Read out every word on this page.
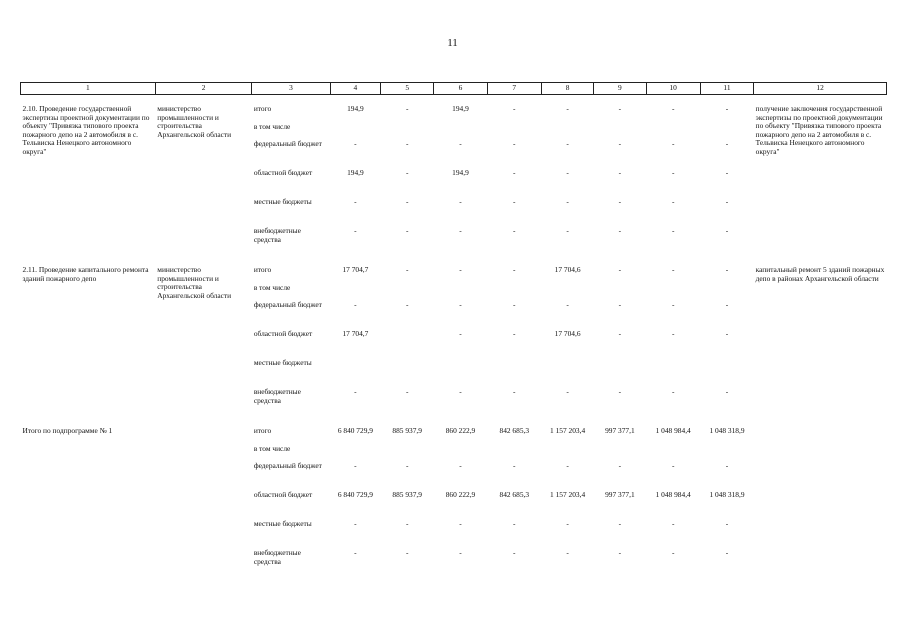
11
1	2	3	4	5	6	7	8	9	10	11	12

2.10. Проведение государственной экспертизы проектной документации по объекту "Привязка типового проекта пожарного депо на 2 автомобиля в с. Тельвиска Ненецкого автономного округа"	министерство промышленности и строительства Архангельской области	итого	194,9	-	194,9	-	-	-	-	-	получение заключения государственной экспертизы по проектной документации по объекту "Привязка типового проекта пожарного депо на 2 автомобиля в с. Тельвиска Ненецкого автономного округа"
		в том числе									
		федеральный бюджет	-	-	-	-	-	-	-	-	
		областной бюджет	194,9	-	194,9	-	-	-	-	-	
		местные бюджеты	-	-	-	-	-	-	-	-	
		внебюджетные средства	-	-	-	-	-	-	-	-	

2.11. Проведение капитального ремонта зданий пожарного депо	министерство промышленности и строительства Архангельской области	итого	17 704,7	-	-	-	17 704,6	-	-	-	капитальный ремонт 5 зданий пожарных депо в районах Архангельской области
		в том числе									
		федеральный бюджет	-	-	-	-	-	-	-	-	
		областной бюджет	17 704,7		-	-	17 704,6	-	-	-	
		местные бюджеты									
		внебюджетные средства	-	-	-	-	-	-	-	-	

Итого по подпрограмме № 1		итого	6 840 729,9	885 937,9	860 222,9	842 685,3	1 157 203,4	997 377,1	1 048 984,4	1 048 318,9	
		в том числе									
		федеральный бюджет	-	-	-	-	-	-	-	-	
		областной бюджет	6 840 729,9	885 937,9	860 222,9	842 685,3	1 157 203,4	997 377,1	1 048 984,4	1 048 318,9	
		местные бюджеты	-	-	-	-	-	-	-	-	
		внебюджетные средства	-	-	-	-	-	-	-	-	
